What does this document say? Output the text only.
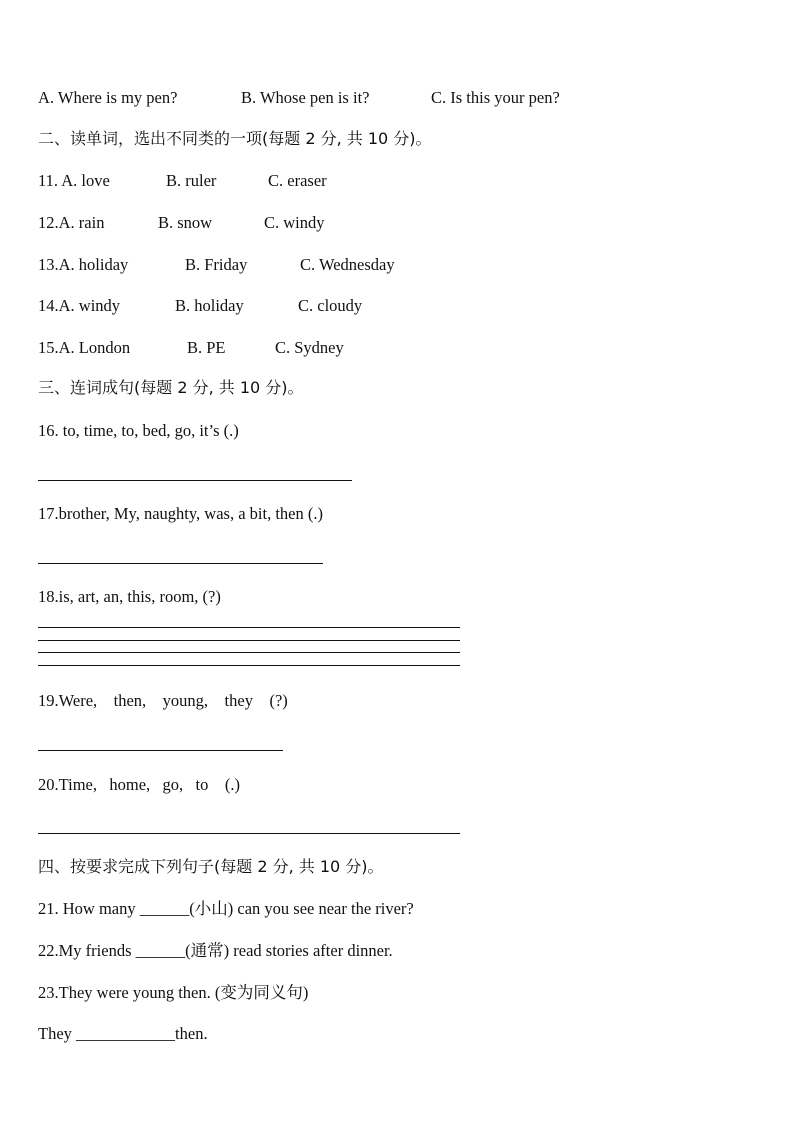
A. Where is my pen?	B. Whose pen is it?	C. Is this your pen?
二、读单词，选出不同类的一项(每题 2 分, 共 10 分)。
11. A. love	B. ruler	C. eraser
12.A. rain	B. snow	C. windy
13.A. holiday	B. Friday	C. Wednesday
14.A. windy	B. holiday	C. cloudy
15.A. London	B. PE	C. Sydney
三、连词成句(每题 2 分, 共 10 分)。
16. to, time, to, bed, go, it’s (.)
17.brother, My, naughty, was, a bit, then (.)
18.is, art, an, this, room, (?)
19.Were,    then,    young,    they    (?)
20.Time,   home,   go,   to    (.)
四、按要求完成下列句子(每题 2 分, 共 10 分)。
21. How many ______(小山) can you see near the river?
22.My friends ______(通常) read stories after dinner.
23.They were young then. (变为同义句)
They ____________then.
